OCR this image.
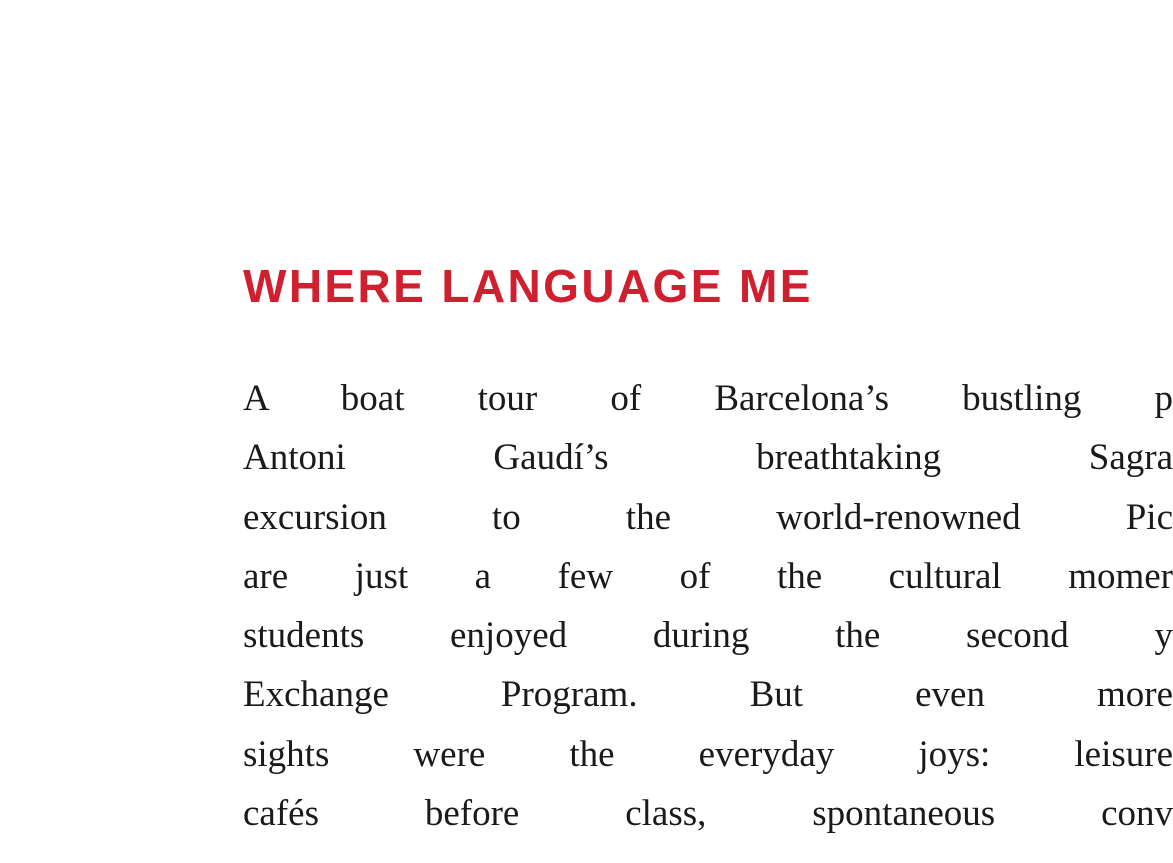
WHERE LANGUAGE ME

A boat tour of Barcelona’s bustling p
Antoni Gaudí’s breathtaking Sagra
excursion to the world-renowned Pic
are just a few of the cultural momer
students enjoyed during the second y
Exchange Program. But even more
sights were the everyday joys: leisure
cafés before class, spontaneous conv
